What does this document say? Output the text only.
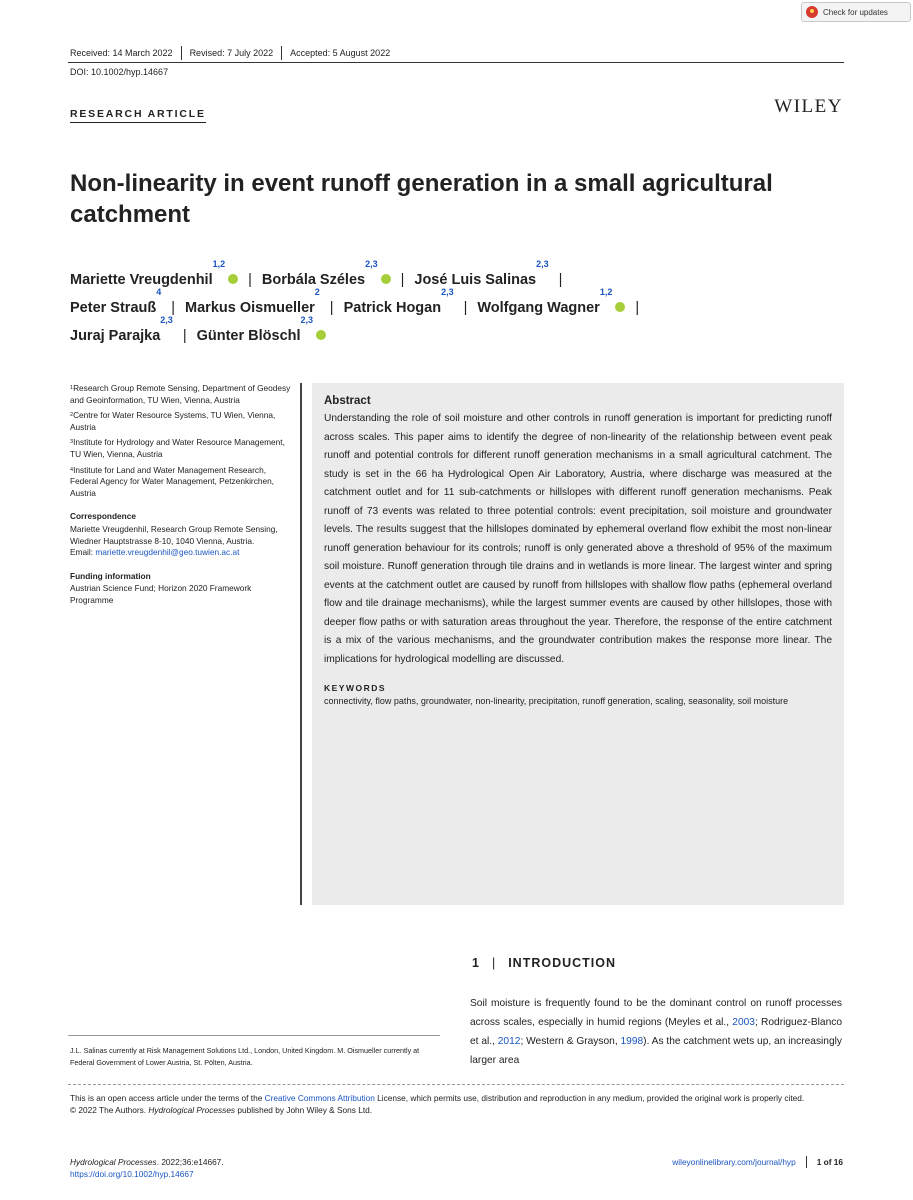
Check for updates
Received: 14 March 2022	Revised: 7 July 2022	Accepted: 5 August 2022
DOI: 10.1002/hyp.14667
RESEARCH ARTICLE	WILEY
Non-linearity in event runoff generation in a small agricultural catchment
Mariette Vreugdenhil$^{1,2}$| Borbála Széles$^{2,3}$| José Luis Salinas$^{2,3}$|
Peter Strauß$^4$| Markus Oismueller$^2$| Patrick Hogan$^{2,3}$| Wolfgang Wagner$^{1,2}$|
Juraj Parajka$^{2,3}$| Günter Blöschl$^{2,3}$

$^1$Research Group Remote Sensing, Department of Geodesy and Geoinformation, TU Wien, Vienna, Austria

$^2$Centre for Water Resource Systems, TU Wien, Vienna, Austria

$^3$Institute for Hydrology and Water Resource Management, TU Wien, Vienna, Austria

$^4$Institute for Land and Water Management Research, Federal Agency for Water Management, Petzenkirchen, Austria

Correspondence

Mariette Vreugdenhil, Research Group Remote Sensing, Wiedner Hauptstrasse 8-10, 1040 Vienna, Austria.

Email: mariette.vreugdenhil@geo.tuwien.ac.at

Funding information

Austrian Science Fund; Horizon 2020 Framework Programme

Abstract

Understanding the role of soil moisture and other controls in runoff generation is important for predicting runoff across scales. This paper aims to identify the degree of non-linearity of the relationship between event peak runoff and potential controls for different runoff generation mechanisms in a small agricultural catchment. The study is set in the 66 ha Hydrological Open Air Laboratory, Austria, where discharge was measured at the catchment outlet and for 11 sub-catchments or hillslopes with different runoff generation mechanisms. Peak runoff of 73 events was related to three potential controls: event precipitation, soil moisture and groundwater levels. The results suggest that the hillslopes dominated by ephemeral overland flow exhibit the most non-linear runoff generation behaviour for its controls; runoff is only generated above a threshold of 95% of the maximum soil moisture. Runoff generation through tile drains and in wetlands is more linear. The largest winter and spring events at the catchment outlet are caused by runoff from hillslopes with shallow flow paths (ephemeral overland flow and tile drainage mechanisms), while the largest summer events are caused by other hillslopes, those with deeper flow paths or with saturation areas throughout the year. Therefore, the response of the entire catchment is a mix of the various mechanisms, and the groundwater contribution makes the response more linear. The implications for hydrological modelling are discussed.

KEYWORDS

connectivity, flow paths, groundwater, non-linearity, precipitation, runoff generation, scaling, seasonality, soil moisture

1 | INTRODUCTION

Soil moisture is frequently found to be the dominant control on runoff processes across scales, especially in humid regions (Meyles et al., 2003; Rodriguez-Blanco et al., 2012; Western & Grayson, 1998). As the catchment wets up, an increasingly larger area

J.L. Salinas currently at Risk Management Solutions Ltd., London, United Kingdom. M. Oismueller currently at Federal Government of Lower Austria, St. Pölten, Austria.

This is an open access article under the terms of the Creative Commons Attribution License, which permits use, distribution and reproduction in any medium, provided the original work is properly cited.

© 2022 The Authors. Hydrological Processes published by John Wiley & Sons Ltd.

Hydrological Processes. 2022;36:e14667.

https://doi.org/10.1002/hyp.14667

wileyonlinelibrary.com/journal/hyp	1 of 16
